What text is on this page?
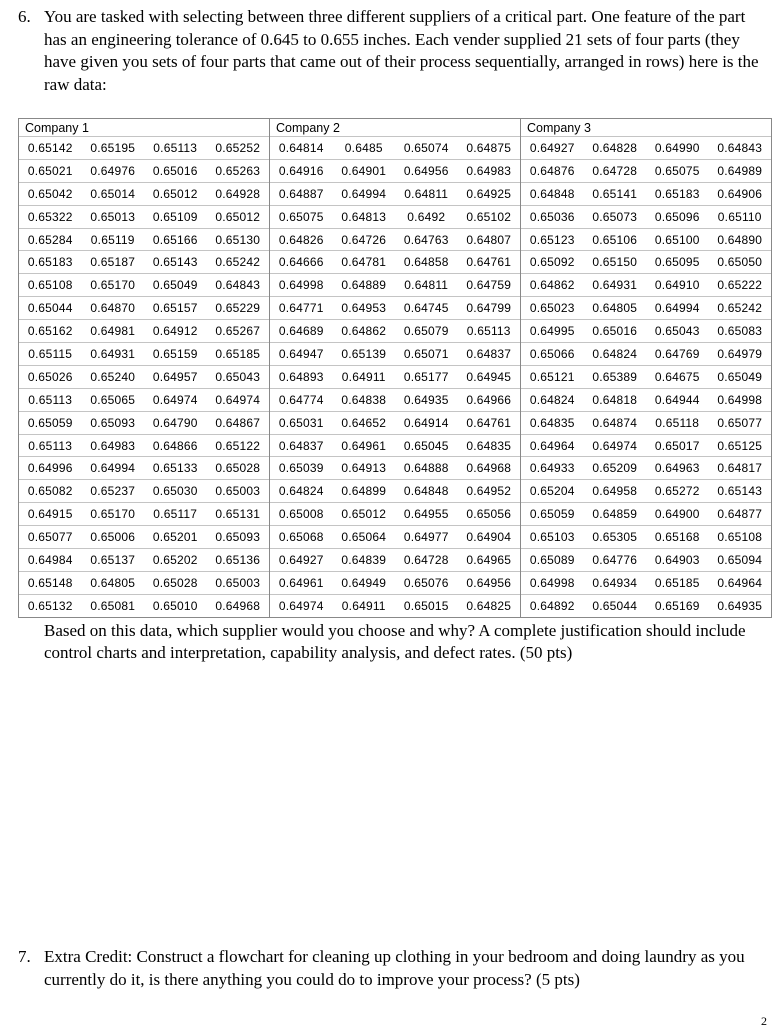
6. You are tasked with selecting between three different suppliers of a critical part. One feature of the part has an engineering tolerance of 0.645 to 0.655 inches. Each vender supplied 21 sets of four parts (they have given you sets of four parts that came out of their process sequentially, arranged in rows) here is the raw data:
Company 1
0.65142	0.65195	0.65113	0.65252
0.65021	0.64976	0.65016	0.65263
0.65042	0.65014	0.65012	0.64928
0.65322	0.65013	0.65109	0.65012
0.65284	0.65119	0.65166	0.65130
0.65183	0.65187	0.65143	0.65242
0.65108	0.65170	0.65049	0.64843
0.65044	0.64870	0.65157	0.65229
0.65162	0.64981	0.64912	0.65267
0.65115	0.64931	0.65159	0.65185
0.65026	0.65240	0.64957	0.65043
0.65113	0.65065	0.64974	0.64974
0.65059	0.65093	0.64790	0.64867
0.65113	0.64983	0.64866	0.65122
0.64996	0.64994	0.65133	0.65028
0.65082	0.65237	0.65030	0.65003
0.64915	0.65170	0.65117	0.65131
0.65077	0.65006	0.65201	0.65093
0.64984	0.65137	0.65202	0.65136
0.65148	0.64805	0.65028	0.65003
0.65132	0.65081	0.65010	0.64968
Company 2
0.64814	0.6485	0.65074	0.64875
0.64916	0.64901	0.64956	0.64983
0.64887	0.64994	0.64811	0.64925
0.65075	0.64813	0.6492	0.65102
0.64826	0.64726	0.64763	0.64807
0.64666	0.64781	0.64858	0.64761
0.64998	0.64889	0.64811	0.64759
0.64771	0.64953	0.64745	0.64799
0.64689	0.64862	0.65079	0.65113
0.64947	0.65139	0.65071	0.64837
0.64893	0.64911	0.65177	0.64945
0.64774	0.64838	0.64935	0.64966
0.65031	0.64652	0.64914	0.64761
0.64837	0.64961	0.65045	0.64835
0.65039	0.64913	0.64888	0.64968
0.64824	0.64899	0.64848	0.64952
0.65008	0.65012	0.64955	0.65056
0.65068	0.65064	0.64977	0.64904
0.64927	0.64839	0.64728	0.64965
0.64961	0.64949	0.65076	0.64956
0.64974	0.64911	0.65015	0.64825
Company 3
0.64927	0.64828	0.64990	0.64843
0.64876	0.64728	0.65075	0.64989
0.64848	0.65141	0.65183	0.64906
0.65036	0.65073	0.65096	0.65110
0.65123	0.65106	0.65100	0.64890
0.65092	0.65150	0.65095	0.65050
0.64862	0.64931	0.64910	0.65222
0.65023	0.64805	0.64994	0.65242
0.64995	0.65016	0.65043	0.65083
0.65066	0.64824	0.64769	0.64979
0.65121	0.65389	0.64675	0.65049
0.64824	0.64818	0.64944	0.64998
0.64835	0.64874	0.65118	0.65077
0.64964	0.64974	0.65017	0.65125
0.64933	0.65209	0.64963	0.64817
0.65204	0.64958	0.65272	0.65143
0.65059	0.64859	0.64900	0.64877
0.65103	0.65305	0.65168	0.65108
0.65089	0.64776	0.64903	0.65094
0.64998	0.64934	0.65185	0.64964
0.64892	0.65044	0.65169	0.64935
Based on this data, which supplier would you choose and why? A complete justification should include control charts and interpretation, capability analysis, and defect rates. (50 pts)
7. Extra Credit: Construct a flowchart for cleaning up clothing in your bedroom and doing laundry as you currently do it, is there anything you could do to improve your process? (5 pts)
2
